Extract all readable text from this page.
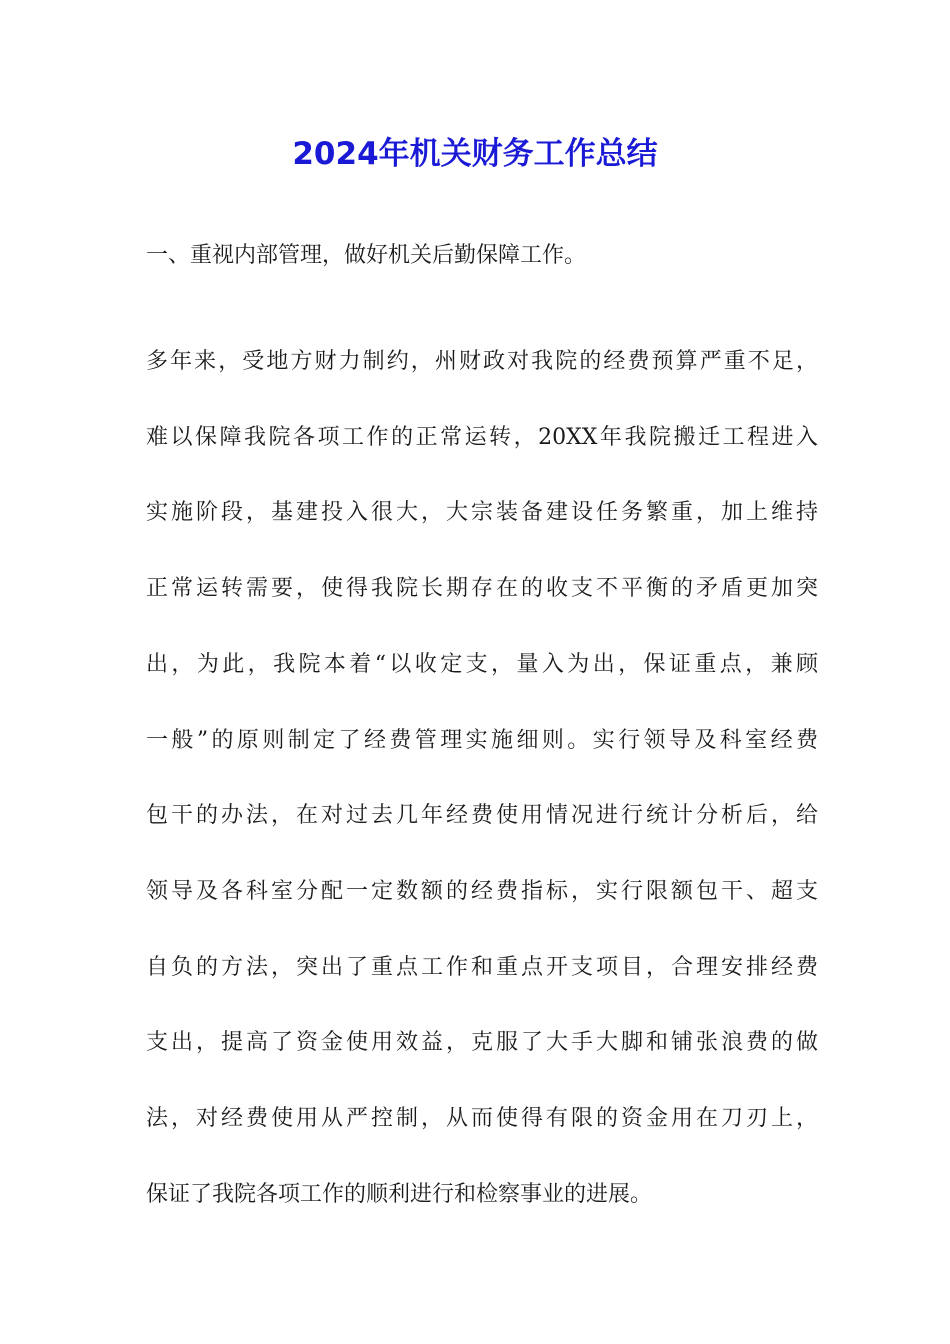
2024年机关财务工作总结

一、重视内部管理，做好机关后勤保障工作。

多年来，受地方财力制约，州财政对我院的经费预算严重不足，
难以保障我院各项工作的正常运转，20XX年我院搬迁工程进入
实施阶段，基建投入很大，大宗装备建设任务繁重，加上维持
正常运转需要，使得我院长期存在的收支不平衡的矛盾更加突
出，为此，我院本着“以收定支，量入为出，保证重点，兼顾
一般”的原则制定了经费管理实施细则。实行领导及科室经费
包干的办法，在对过去几年经费使用情况进行统计分析后，给
领导及各科室分配一定数额的经费指标，实行限额包干、超支
自负的方法，突出了重点工作和重点开支项目，合理安排经费
支出，提高了资金使用效益，克服了大手大脚和铺张浪费的做
法，对经费使用从严控制，从而使得有限的资金用在刀刃上，
保证了我院各项工作的顺利进行和检察事业的进展。
